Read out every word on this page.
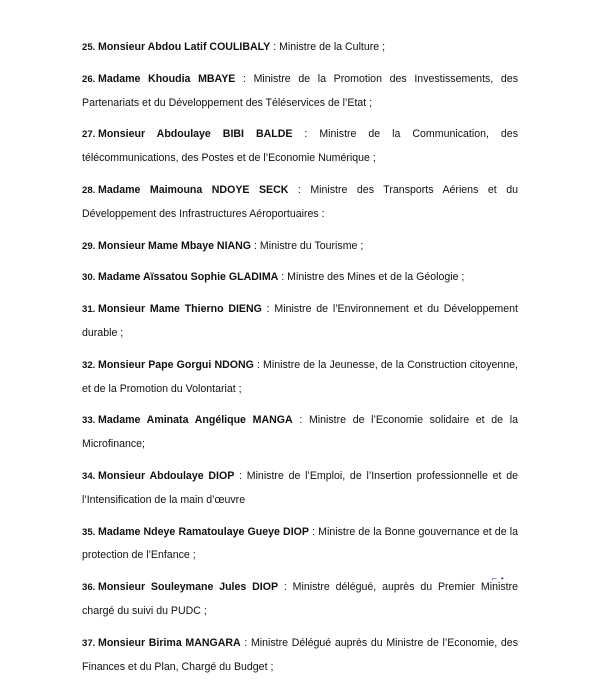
25. Monsieur Abdou Latif COULIBALY : Ministre de la Culture ;
26. Madame Khoudia MBAYE : Ministre de la Promotion des Investissements, des Partenariats et du Développement des Téléservices de l’Etat ;
27. Monsieur Abdoulaye BIBI BALDE : Ministre de la Communication, des télécommunications, des Postes et de l’Economie Numérique ;
28. Madame Maimouna NDOYE SECK : Ministre des Transports Aériens et du Développement des Infrastructures Aéroportuaires :
29. Monsieur Mame Mbaye NIANG : Ministre du Tourisme ;
30. Madame Aïssatou Sophie GLADIMA : Ministre des Mines et de la Géologie ;
31. Monsieur Mame Thierno DIENG : Ministre de l’Environnement et du Développement durable ;
32. Monsieur Pape Gorgui NDONG : Ministre de la Jeunesse, de la Construction citoyenne, et de la Promotion du Volontariat ;
33. Madame Aminata Angélique MANGA : Ministre de l’Economie solidaire et de la Microfinance;
34. Monsieur Abdoulaye DIOP : Ministre de l’Emploi, de l’Insertion professionnelle et de l’Intensification de la main d’œuvre
35. Madame Ndeye Ramatoulaye Gueye DIOP : Ministre de la Bonne gouvernance et de la protection de l’Enfance ;
36. Monsieur Souleymane Jules DIOP : Ministre délégué, auprès du Premier Ministre chargé du suivi du PUDC ;
37. Monsieur Birima MANGARA : Ministre Délégué auprès du Ministre de l’Economie, des Finances et du Plan, Chargé du Budget ;
⌐ •
